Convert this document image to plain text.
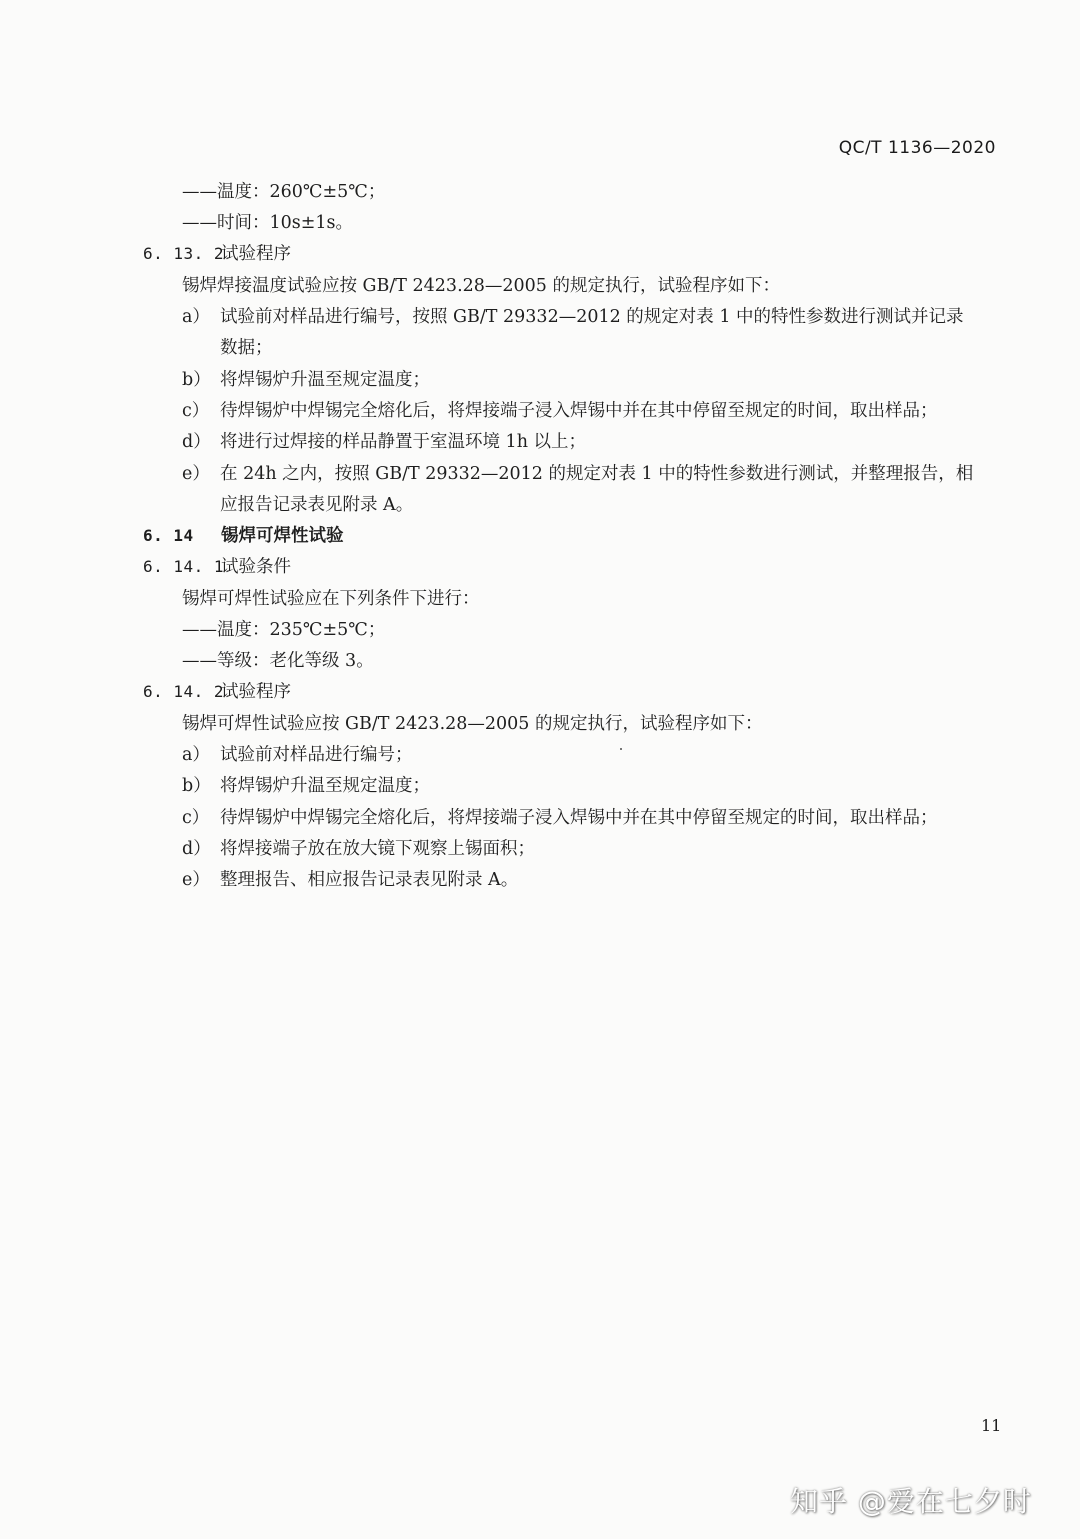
QC/T 1136—2020
——温度：260℃±5℃；
——时间：10s±1s。
6. 13. 2试验程序
锡焊焊接温度试验应按 GB/T 2423.28—2005 的规定执行，试验程序如下：
a） 试验前对样品进行编号，按照 GB/T 29332—2012 的规定对表 1 中的特性参数进行测试并记录
数据；
b） 将焊锡炉升温至规定温度；
c） 待焊锡炉中焊锡完全熔化后，将焊接端子浸入焊锡中并在其中停留至规定的时间，取出样品；
d） 将进行过焊接的样品静置于室温环境 1h 以上；
e） 在 24h 之内，按照 GB/T 29332—2012 的规定对表 1 中的特性参数进行测试，并整理报告，相
应报告记录表见附录 A。
6. 14 锡焊可焊性试验
6. 14. 1试验条件
锡焊可焊性试验应在下列条件下进行：
——温度：235℃±5℃；
——等级：老化等级 3。
6. 14. 2试验程序
锡焊可焊性试验应按 GB/T 2423.28—2005 的规定执行，试验程序如下：
a） 试验前对样品进行编号；
b） 将焊锡炉升温至规定温度；
c） 待焊锡炉中焊锡完全熔化后，将焊接端子浸入焊锡中并在其中停留至规定的时间，取出样品；
d） 将焊接端子放在放大镜下观察上锡面积；
e） 整理报告、相应报告记录表见附录 A。
11
知乎 @爱在七夕时
